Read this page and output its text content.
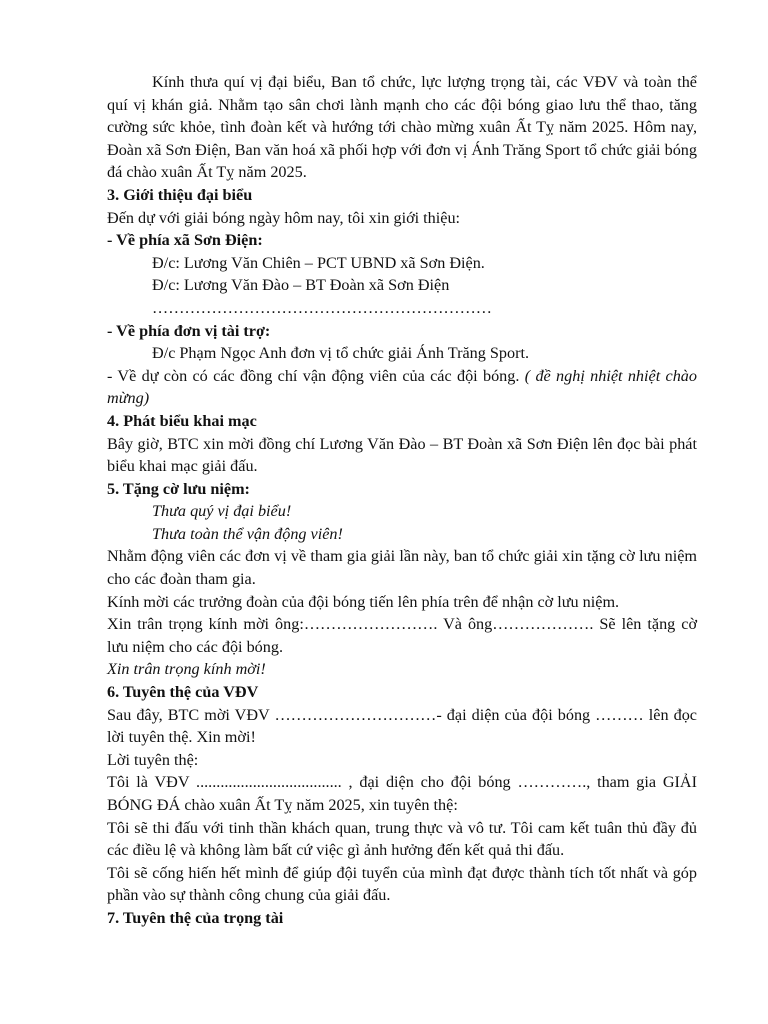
Kính thưa quí vị đại biểu, Ban tổ chức, lực lượng trọng tài, các VĐV và toàn thể quí vị khán giả. Nhằm tạo sân chơi lành mạnh cho các đội bóng giao lưu thể thao, tăng cường sức khỏe, tình đoàn kết và hướng tới chào mừng xuân Ất Tỵ năm 2025. Hôm nay, Đoàn xã Sơn Điện, Ban văn hoá xã phối hợp với đơn vị Ánh Trăng Sport tổ chức giải bóng đá chào xuân Ất Tỵ năm 2025.

3. Giới thiệu đại biểu

Đến dự với giải bóng ngày hôm nay, tôi xin giới thiệu:

- Về phía xã Sơn Điện:

Đ/c: Lương Văn Chiên – PCT UBND xã Sơn Điện.

Đ/c: Lương Văn Đào – BT Đoàn xã Sơn Điện

………………………………………………………

- Về phía đơn vị tài trợ:

Đ/c Phạm Ngọc Anh đơn vị tổ chức giải Ánh Trăng Sport.

- Về dự còn có các đồng chí vận động viên của các đội bóng. ( đề nghị nhiệt nhiệt chào mừng)

4. Phát biểu khai mạc

Bây giờ, BTC xin mời đồng chí Lương Văn Đào – BT Đoàn xã Sơn Điện lên đọc bài phát biểu khai mạc giải đấu.

5. Tặng cờ lưu niệm:

Thưa quý vị đại biểu!

Thưa toàn thể vận động viên!

Nhằm động viên các đơn vị về tham gia giải lần này, ban tổ chức giải xin tặng cờ lưu niệm cho các đoàn tham gia.

Kính mời các trưởng đoàn của đội bóng tiến lên phía trên để nhận cờ lưu niệm.

Xin trân trọng kính mời ông:……………………. Và ông………………. Sẽ lên tặng cờ lưu niệm cho các đội bóng.

Xin trân trọng kính mời!

6. Tuyên thệ của VĐV

Sau đây, BTC mời VĐV …………………………- đại diện của đội bóng ……… lên đọc lời tuyên thệ. Xin mời!

Lời tuyên thệ:

Tôi là VĐV .................................... , đại diện cho đội bóng …………., tham gia GIẢI BÓNG ĐÁ chào xuân Ất Tỵ năm 2025, xin tuyên thệ:

Tôi sẽ thi đấu với tinh thần khách quan, trung thực và vô tư. Tôi cam kết tuân thủ đầy đủ các điều lệ và không làm bất cứ việc gì ảnh hưởng đến kết quả thi đấu.

Tôi sẽ cống hiến hết mình để giúp đội tuyển của mình đạt được thành tích tốt nhất và góp phần vào sự thành công chung của giải đấu.

7. Tuyên thệ của trọng tài
